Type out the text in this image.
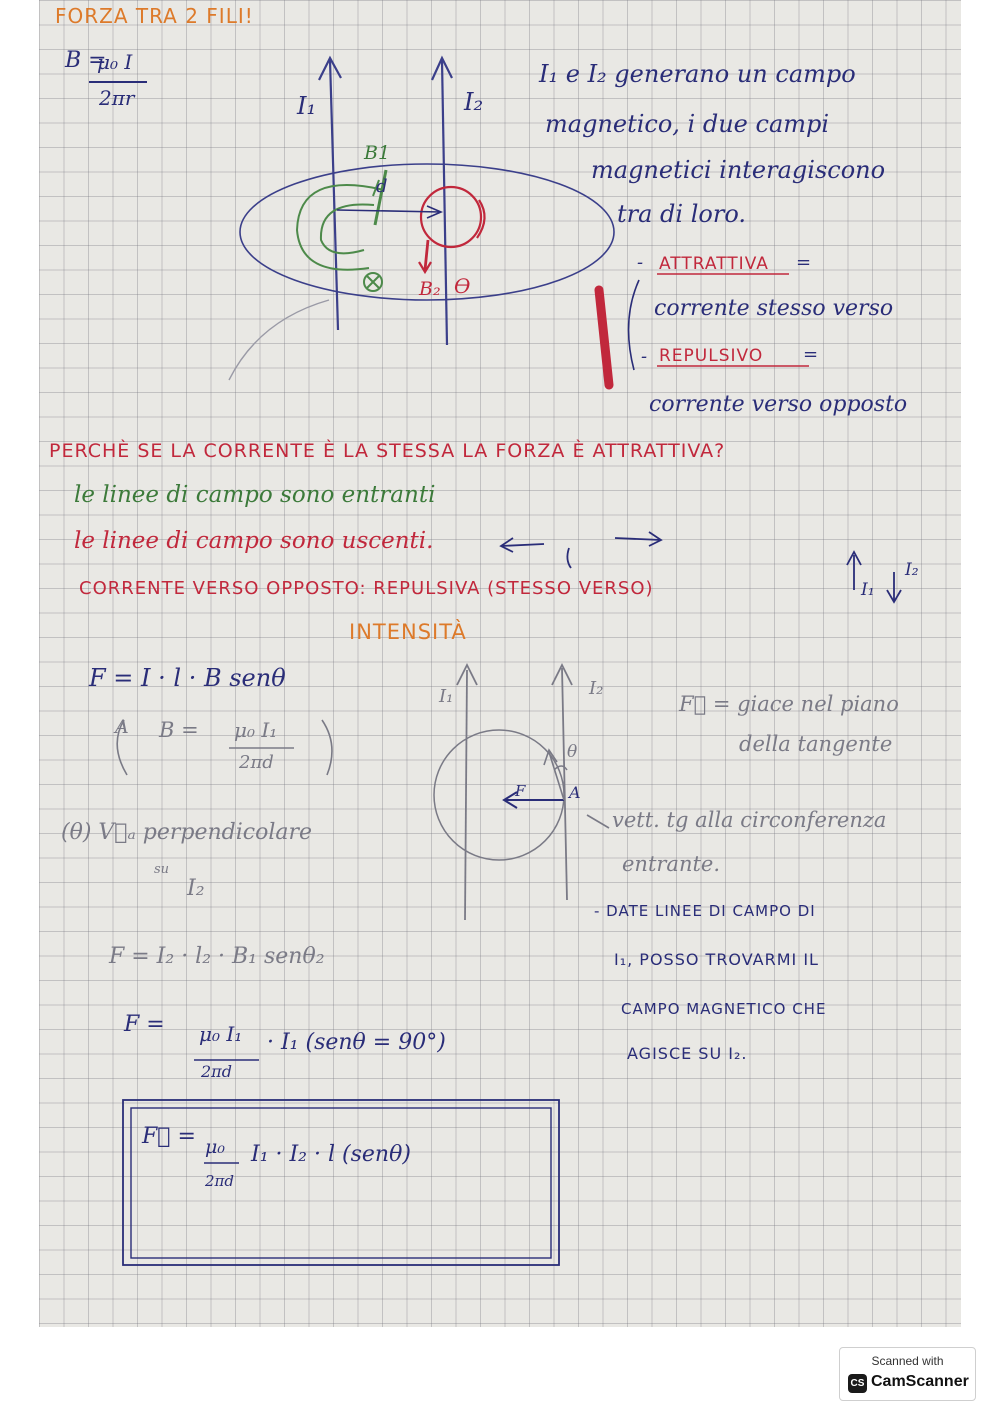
FORZA TRA 2 FILI!
B =
μ₀ I
2πr	I₁	I₂
B1
d
B₂ ϴ
I₁ e I₂ generano un campo
magnetico, i due campi
magnetici interagiscono
tra di loro.
- ATTRATTIVA =
corrente stesso verso
- REPULSIVO =
corrente verso opposto
PERCHÈ SE LA CORRENTE È LA STESSA LA FORZA È ATTRATTIVA?
le linee di campo sono entranti
le linee di campo sono uscenti.
CORRENTE VERSO OPPOSTO: REPULSIVA (STESSO VERSO)	I₁
I₂
INTENSITÀ
F = I · l · B senθ
A B = μ₀ I₁
2πd
(θ) V⃗ₐ perpendicolare
su
I₂
F = I₂ · l₂ · B₁ senθ₂
F = μ₀ I₁
2πd
· I₁ (senθ = 90°)
F⃗ = μ₀
2πd
I₁ · I₂ · l (senθ)
I₁	I₂
A
θ
F
F⃗ = giace nel piano
della tangente
vett. tg alla circonferenza
entrante.
- DATE LINEE DI CAMPO DI
I₁, POSSO TROVARMI IL
CAMPO MAGNETICO CHE
AGISCE SU I₂.
Scanned with
CS CamScanner
